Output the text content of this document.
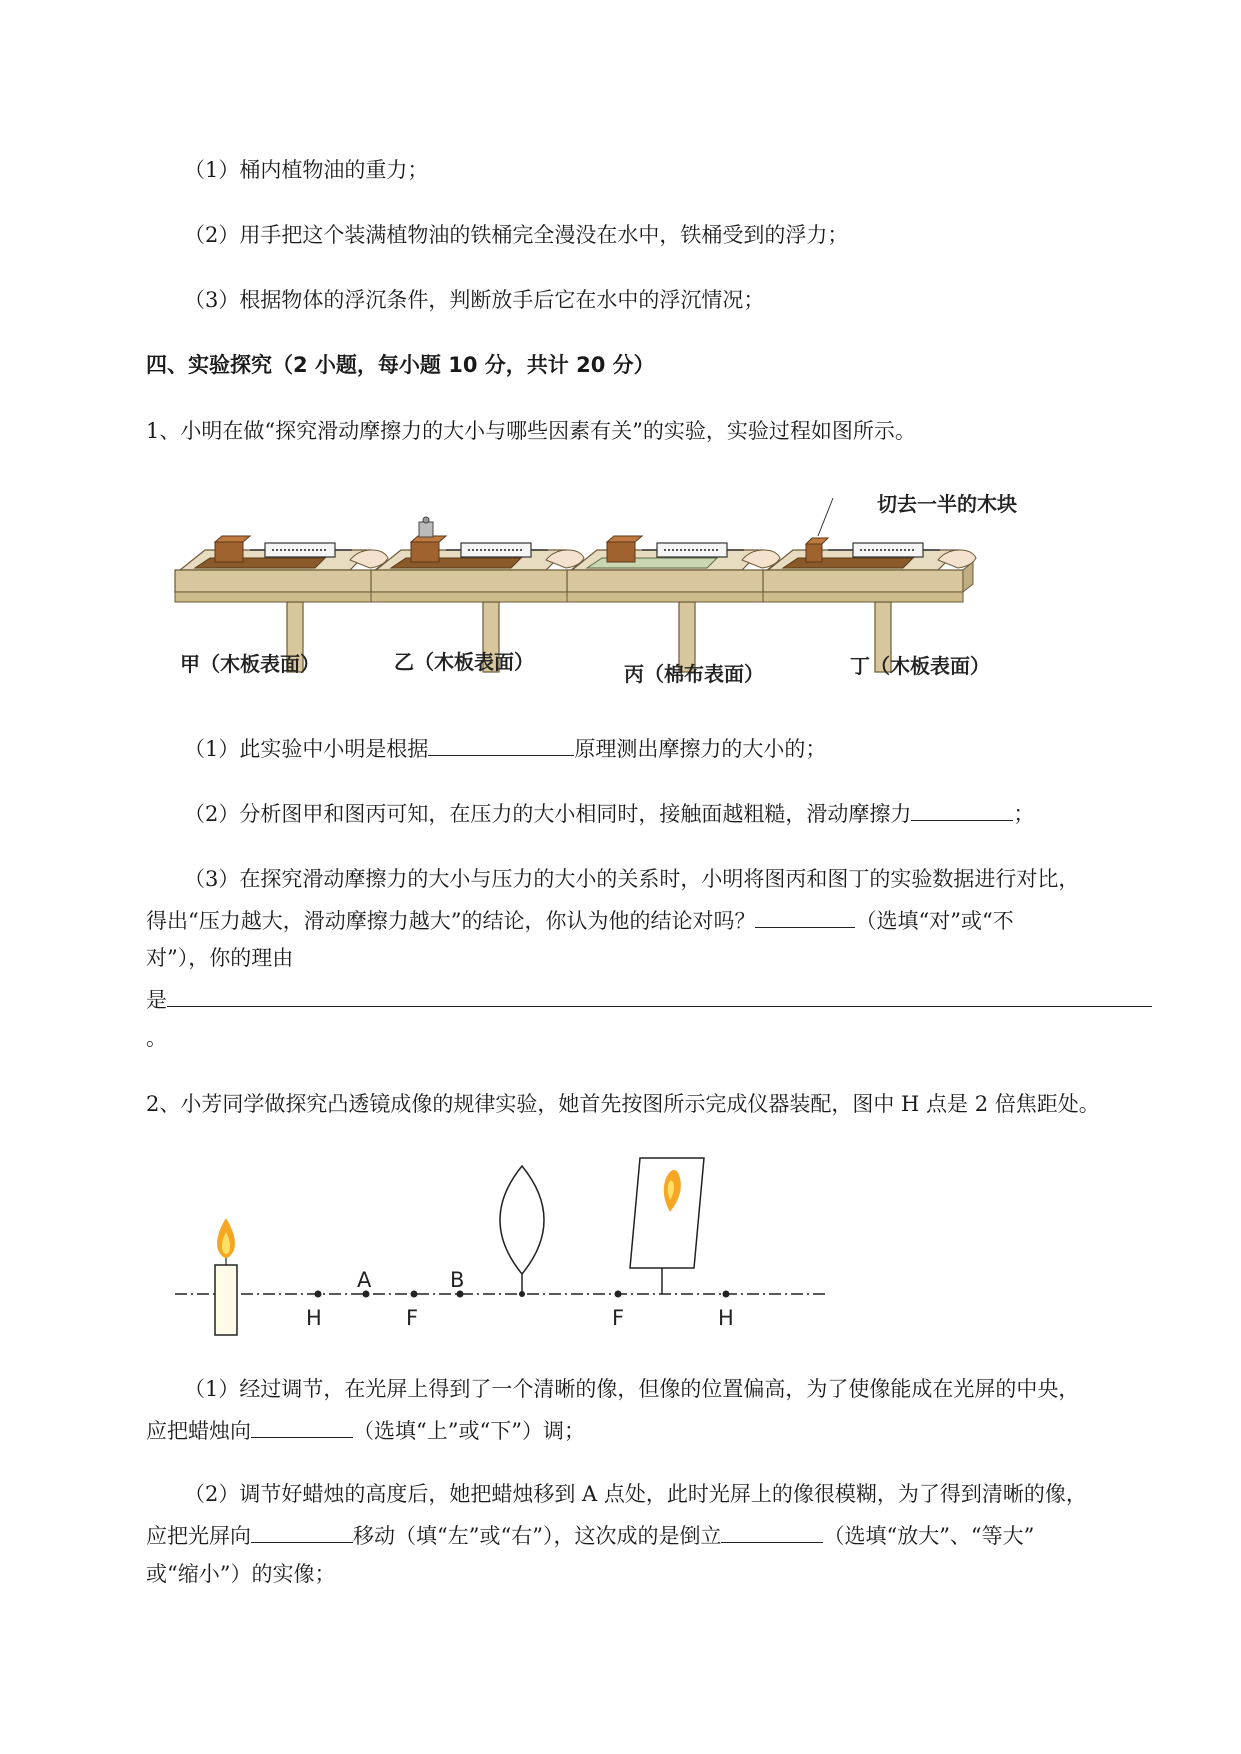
（1）桶内植物油的重力；
（2）用手把这个装满植物油的铁桶完全漫没在水中，铁桶受到的浮力；
（3）根据物体的浮沉条件，判断放手后它在水中的浮沉情况；
四、实验探究（2 小题，每小题 10 分，共计 20 分）
1、小明在做“探究滑动摩擦力的大小与哪些因素有关”的实验，实验过程如图所示。
切去一半的木块
甲（木板表面）	乙（木板表面）	丙（棉布表面）	丁（木板表面）
（1）此实验中小明是根据	原理测出摩擦力的大小的；
（2）分析图甲和图丙可知，在压力的大小相同时，接触面越粗糙，滑动摩擦力	；
（3）在探究滑动摩擦力的大小与压力的大小的关系时，小明将图丙和图丁的实验数据进行对比，
得出“压力越大，滑动摩擦力越大”的结论，你认为他的结论对吗？	（选填“对”或“不
对”），你的理由
是
。
2、小芳同学做探究凸透镜成像的规律实验，她首先按图所示完成仪器装配，图中 H 点是 2 倍焦距处。
A	B
H	F	F	H
（1）经过调节，在光屏上得到了一个清晰的像，但像的位置偏高，为了使像能成在光屏的中央，
应把蜡烛向	（选填“上”或“下”）调；
（2）调节好蜡烛的高度后，她把蜡烛移到 A 点处，此时光屏上的像很模糊，为了得到清晰的像，
应把光屏向	移动（填“左”或“右”），这次成的是倒立	（选填“放大”、“等大”
或“缩小”）的实像；
